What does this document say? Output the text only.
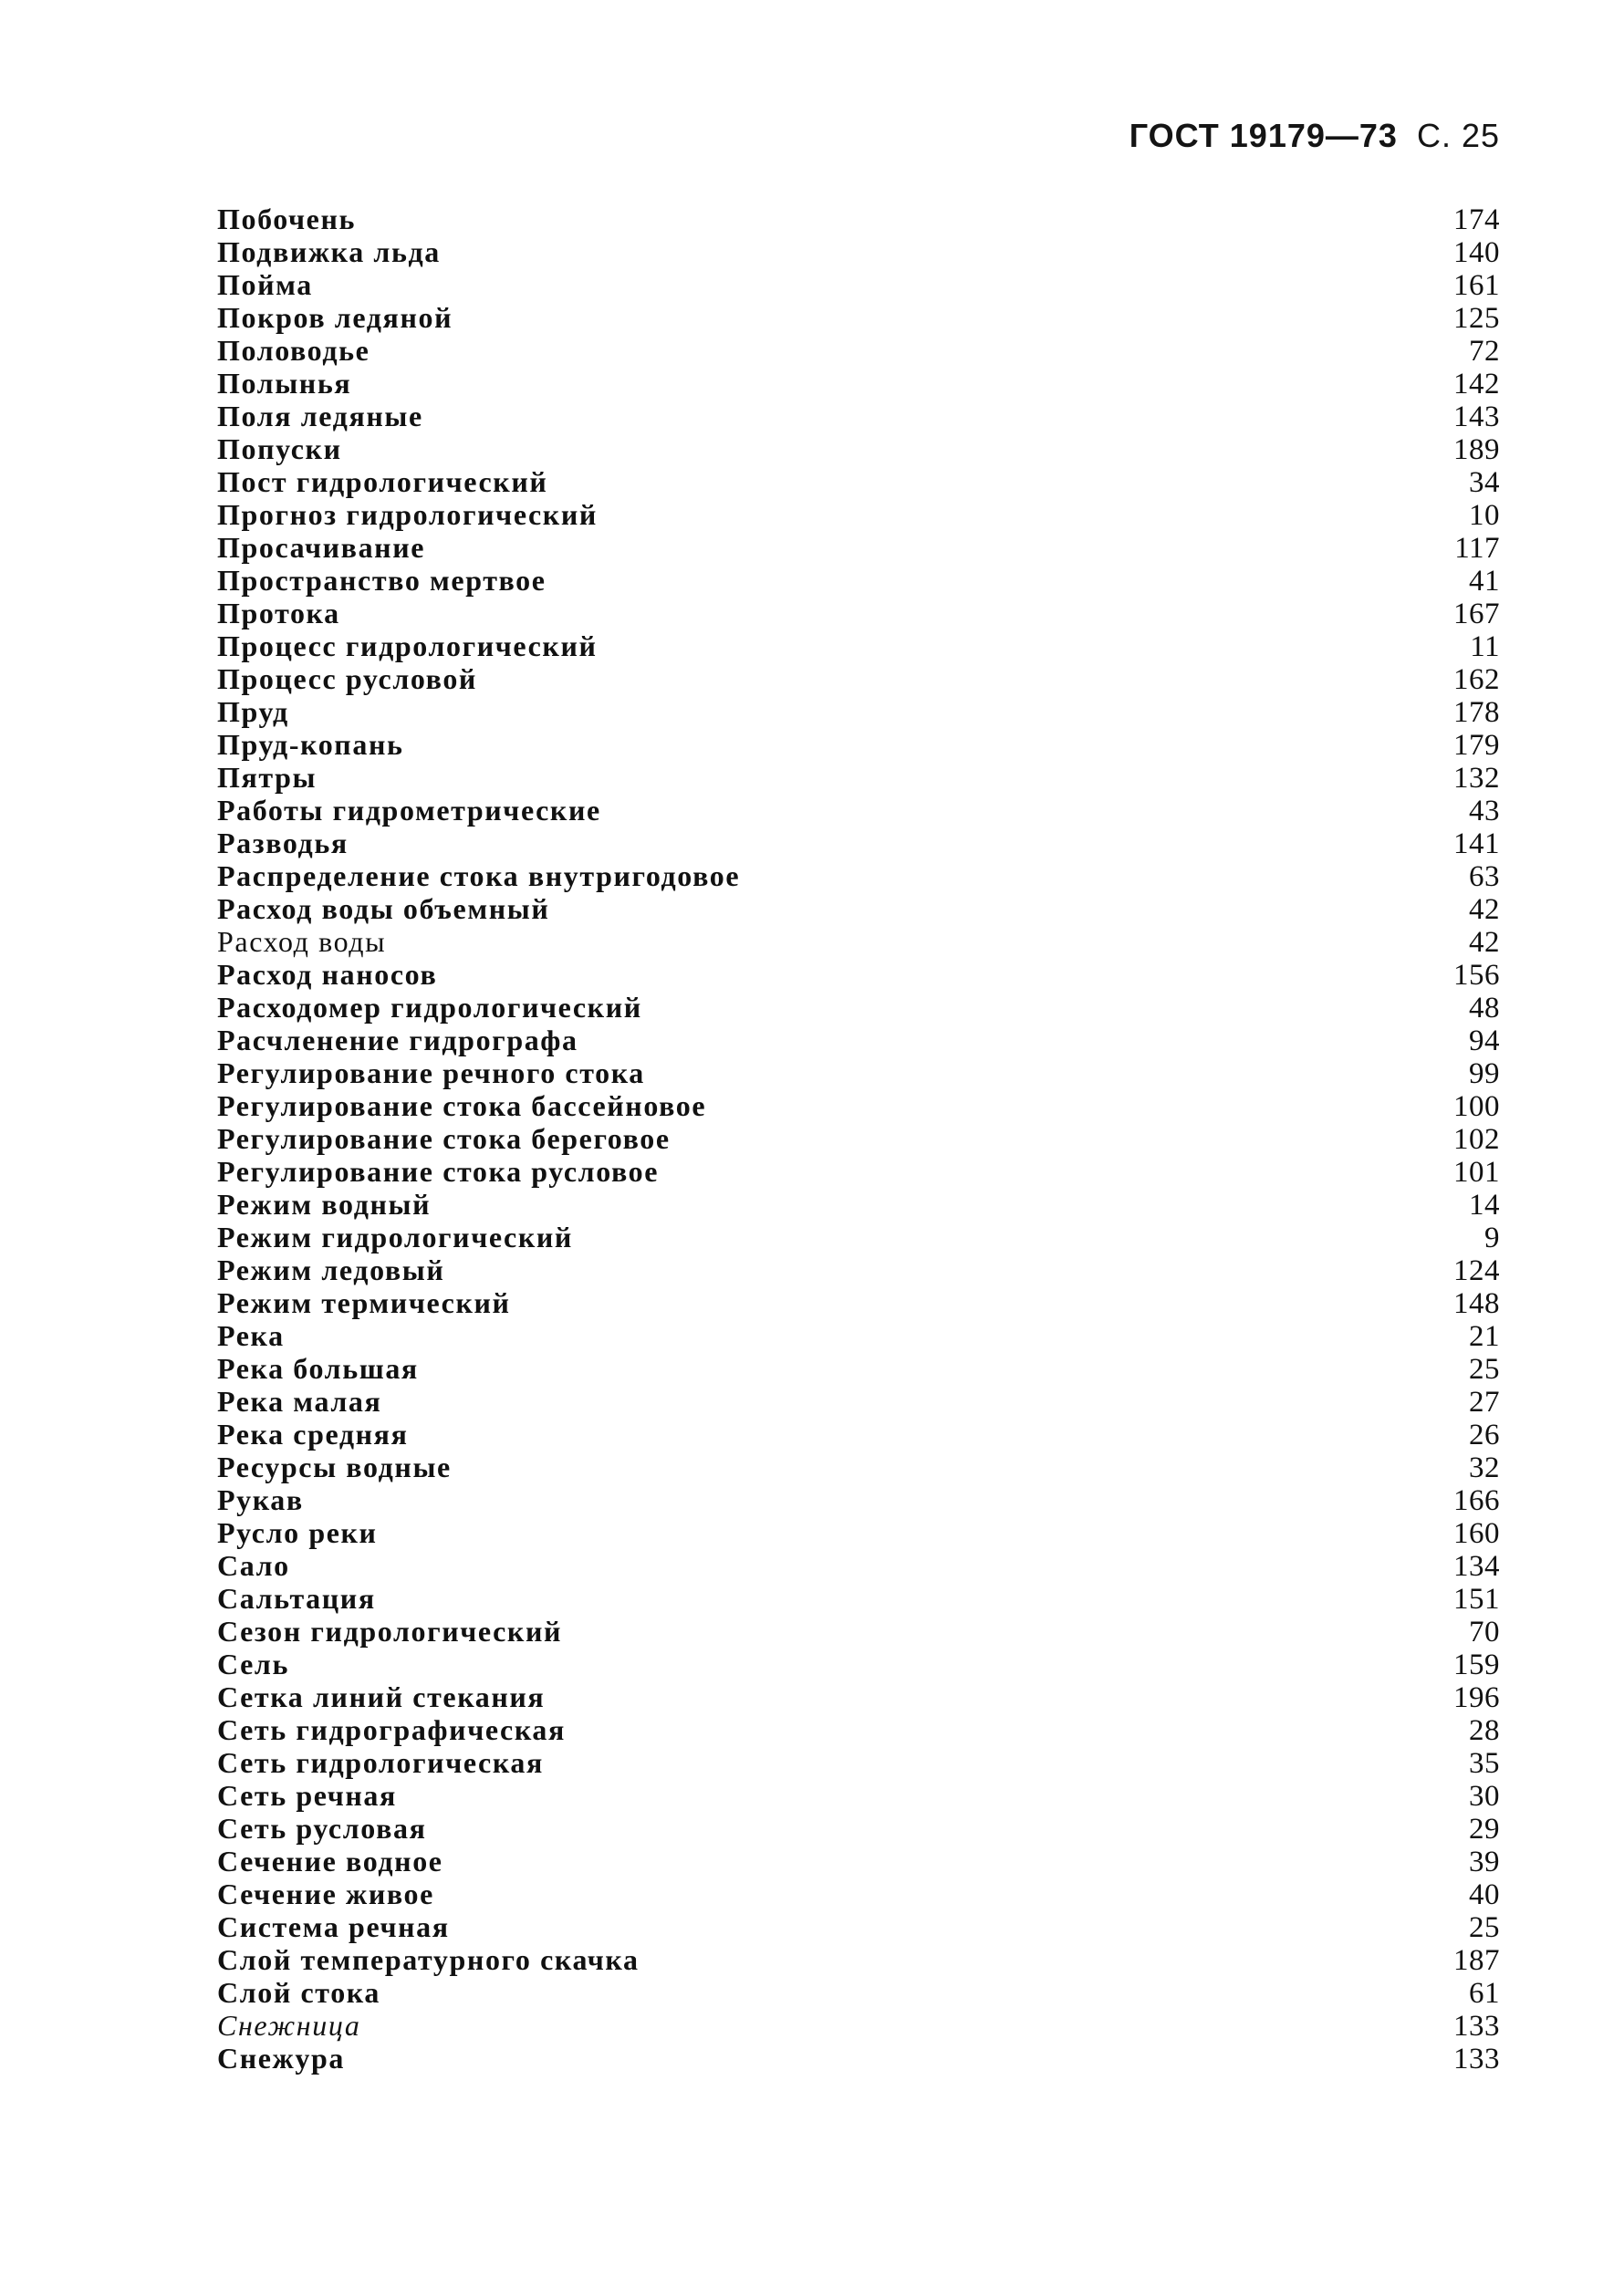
ГОСТ 19179—73 С. 25
Побочень	174
Подвижка льда	140
Пойма	161
Покров ледяной	125
Половодье	72
Полынья	142
Поля ледяные	143
Попуски	189
Пост гидрологический	34
Прогноз гидрологический	10
Просачивание	117
Пространство мертвое	41
Протока	167
Процесс гидрологический	11
Процесс русловой	162
Пруд	178
Пруд-копань	179
Пятры	132
Работы гидрометрические	43
Разводья	141
Распределение стока внутригодовое	63
Расход воды объемный	42
Расход воды	42
Расход наносов	156
Расходомер гидрологический	48
Расчленение гидрографа	94
Регулирование речного стока	99
Регулирование стока бассейновое	100
Регулирование стока береговое	102
Регулирование стока русловое	101
Режим водный	14
Режим гидрологический	9
Режим ледовый	124
Режим термический	148
Река	21
Река большая	25
Река малая	27
Река средняя	26
Ресурсы водные	32
Рукав	166
Русло реки	160
Сало	134
Сальтация	151
Сезон гидрологический	70
Сель	159
Сетка линий стекания	196
Сеть гидрографическая	28
Сеть гидрологическая	35
Сеть речная	30
Сеть русловая	29
Сечение водное	39
Сечение живое	40
Система речная	25
Слой температурного скачка	187
Слой стока	61
Снежница	133
Снежура	133
